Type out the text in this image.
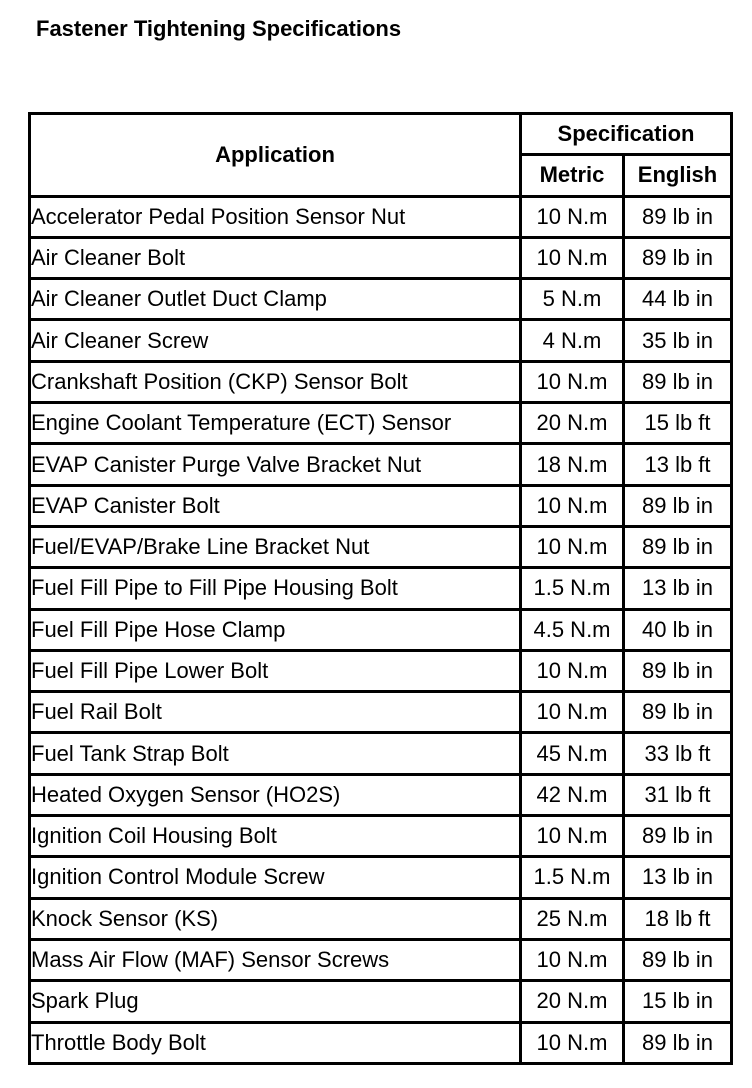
Fastener Tightening Specifications
Application	Specification	
	Metric	English
Accelerator Pedal Position Sensor Nut	10 N.m	89 lb in
Air Cleaner Bolt	10 N.m	89 lb in
Air Cleaner Outlet Duct Clamp	5 N.m	44 lb in
Air Cleaner Screw	4 N.m	35 lb in
Crankshaft Position (CKP) Sensor Bolt	10 N.m	89 lb in
Engine Coolant Temperature (ECT) Sensor	20 N.m	15 lb ft
EVAP Canister Purge Valve Bracket Nut	18 N.m	13 lb ft
EVAP Canister Bolt	10 N.m	89 lb in
Fuel/EVAP/Brake Line Bracket Nut	10 N.m	89 lb in
Fuel Fill Pipe to Fill Pipe Housing Bolt	1.5 N.m	13 lb in
Fuel Fill Pipe Hose Clamp	4.5 N.m	40 lb in
Fuel Fill Pipe Lower Bolt	10 N.m	89 lb in
Fuel Rail Bolt	10 N.m	89 lb in
Fuel Tank Strap Bolt	45 N.m	33 lb ft
Heated Oxygen Sensor (HO2S)	42 N.m	31 lb ft
Ignition Coil Housing Bolt	10 N.m	89 lb in
Ignition Control Module Screw	1.5 N.m	13 lb in
Knock Sensor (KS)	25 N.m	18 lb ft
Mass Air Flow (MAF) Sensor Screws	10 N.m	89 lb in
Spark Plug	20 N.m	15 lb in
Throttle Body Bolt	10 N.m	89 lb in
